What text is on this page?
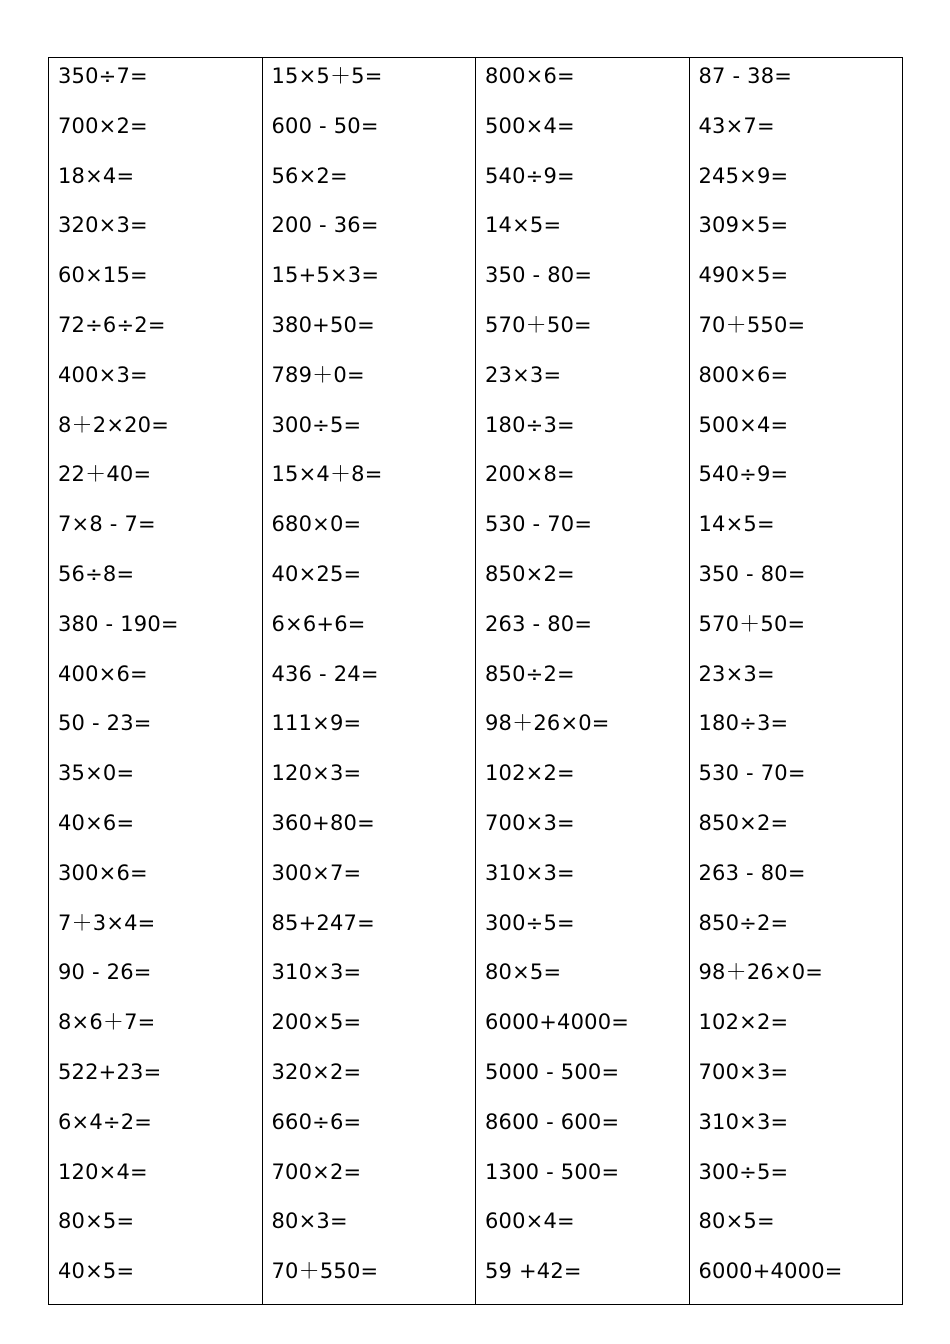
350÷7=
700×2=
18×4=
320×3=
60×15=
72÷6÷2=
400×3=
8＋2×20=
22＋40=
7×8 - 7=
56÷8=
380 - 190=
400×6=
50 - 23=
35×0=
40×6=
300×6=
7＋3×4=
90 - 26=
8×6＋7=
522+23=
6×4÷2=
120×4=
80×5=
40×5=
15×5＋5=
600 - 50=
56×2=
200 - 36=
15+5×3=
380+50=
789＋0=
300÷5=
15×4＋8=
680×0=
40×25=
6×6+6=
436 - 24=
111×9=
120×3=
360+80=
300×7=
85+247=
310×3=
200×5=
320×2=
660÷6=
700×2=
80×3=
70＋550=
800×6=
500×4=
540÷9=
14×5=
350 - 80=
570＋50=
23×3=
180÷3=
200×8=
530 - 70=
850×2=
263 - 80=
850÷2=
98＋26×0=
102×2=
700×3=
310×3=
300÷5=
80×5=
6000+4000=
5000 - 500=
8600 - 600=
1300 - 500=
600×4=
59 +42=
87 - 38=
43×7=
245×9=
309×5=
490×5=
70＋550=
800×6=
500×4=
540÷9=
14×5=
350 - 80=
570＋50=
23×3=
180÷3=
530 - 70=
850×2=
263 - 80=
850÷2=
98＋26×0=
102×2=
700×3=
310×3=
300÷5=
80×5=
6000+4000=
